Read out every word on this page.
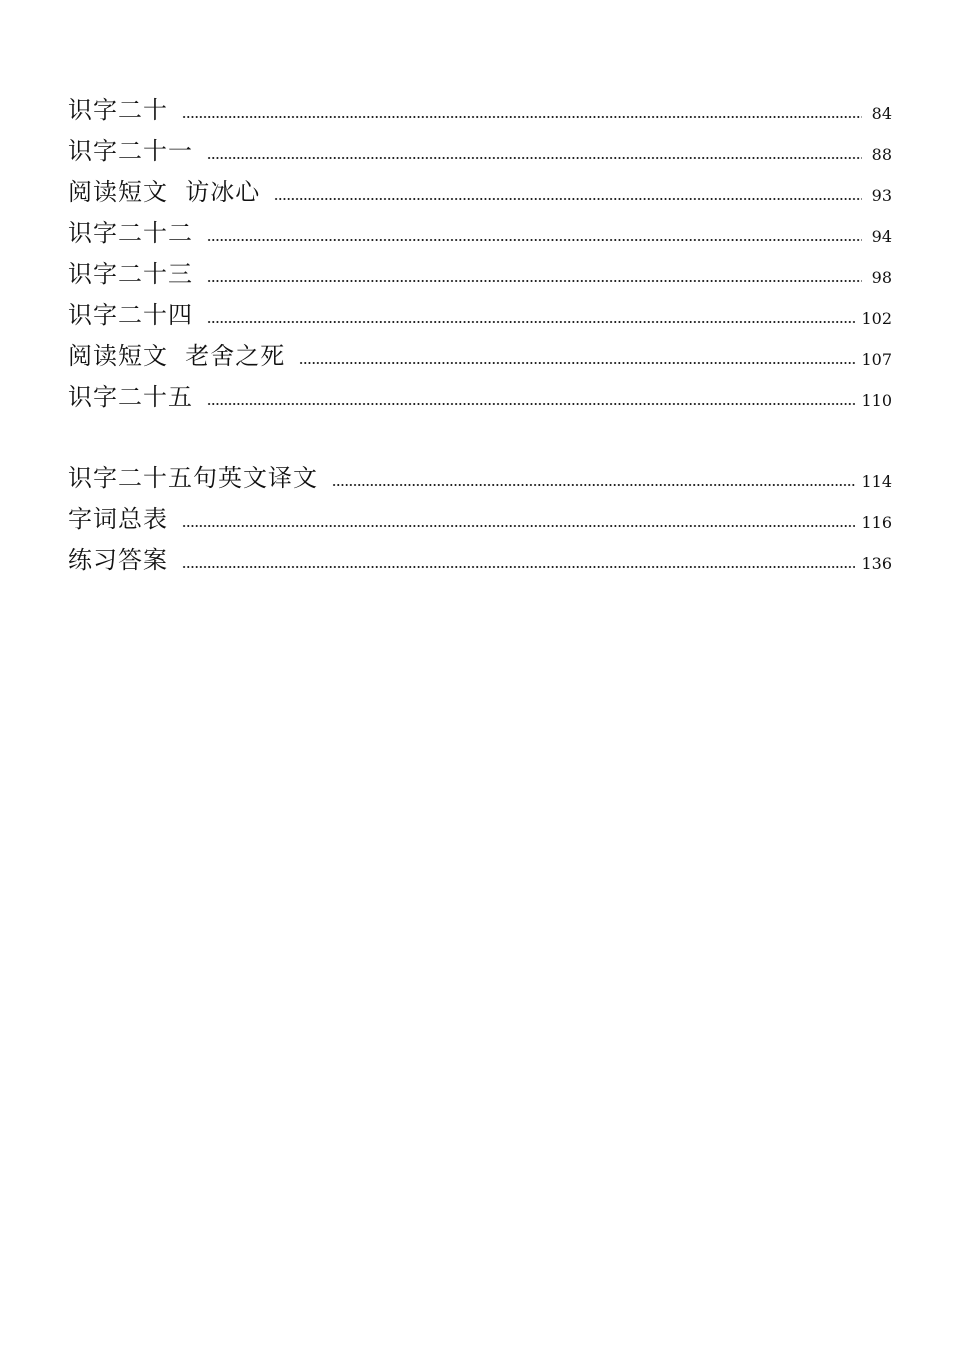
识字二十	84
识字二十一	88
阅读短文  访冰心	93
识字二十二	94
识字二十三	98
识字二十四	102
阅读短文  老舍之死	107
识字二十五	110
识字二十五句英文译文	114
字词总表	116
练习答案	136
